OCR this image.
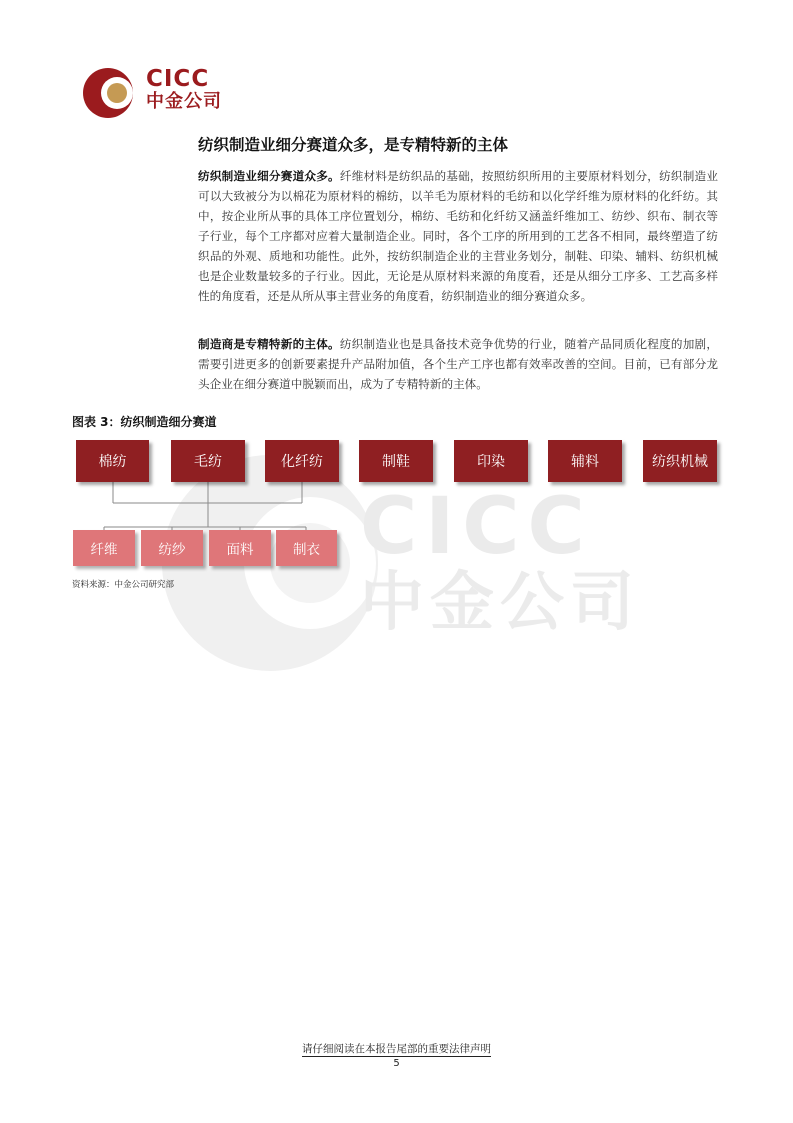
CICC
中金公司
CICC
中金公司
纺织制造业细分赛道众多，是专精特新的主体

纺织制造业细分赛道众多。纤维材料是纺织品的基础，按照纺织所用的主要原材料划分，纺织制造业可以大致被分为以棉花为原材料的棉纺，以羊毛为原材料的毛纺和以化学纤维为原材料的化纤纺。其中，按企业所从事的具体工序位置划分，棉纺、毛纺和化纤纺又涵盖纤维加工、纺纱、织布、制衣等子行业，每个工序都对应着大量制造企业。同时，各个工序的所用到的工艺各不相同，最终塑造了纺织品的外观、质地和功能性。此外，按纺织制造企业的主营业务划分，制鞋、印染、辅料、纺织机械也是企业数量较多的子行业。因此，无论是从原材料来源的角度看，还是从细分工序多、工艺高多样性的角度看，还是从所从事主营业务的角度看，纺织制造业的细分赛道众多。

制造商是专精特新的主体。纺织制造业也是具备技术竞争优势的行业，随着产品同质化程度的加剧，需要引进更多的创新要素提升产品附加值，各个生产工序也都有效率改善的空间。目前，已有部分龙头企业在细分赛道中脱颖而出，成为了专精特新的主体。

图表 3：纺织制造细分赛道
棉纺	毛纺	化纤纺	制鞋	印染	辅料	纺织机械
纤维	纺纱	面料	制衣
资料来源：中金公司研究部
请仔细阅读在本报告尾部的重要法律声明
5
